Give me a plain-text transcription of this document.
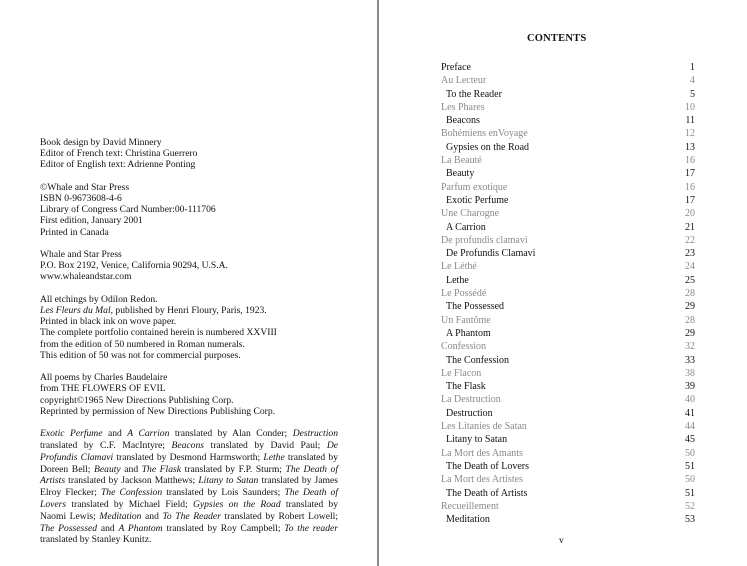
Book design by David Minnery
Editor of French text: Christina Guerrero
Editor of English text: Adrienne Ponting
©Whale and Star Press
ISBN 0-9673608-4-6
Library of Congress Card Number:00-111706
First edition, January 2001
Printed in Canada
Whale and Star Press
P.O. Box 2192, Venice, California 90294, U.S.A.
www.whaleandstar.com
All etchings by Odilon Redon.
Les Fleurs du Mal, published by Henri Floury, Paris, 1923.
Printed in black ink on wove paper.
The complete portfolio contained herein is numbered XXVIII
from the edition of 50 numbered in Roman numerals.
This edition of 50 was not for commercial purposes.
All poems by Charles Baudelaire
from THE FLOWERS OF EVIL
copyright©1965 New Directions Publishing Corp.
Reprinted by permission of New Directions Publishing Corp.
Exotic Perfume and A Carrion translated by Alan Conder; Destruction translated by C.F. MacIntyre; Beacons translated by David Paul; De Profundis Clamavi translated by Desmond Harmsworth; Lethe translated by Doreen Bell; Beauty and The Flask translated by F.P. Sturm; The Death of Artists translated by Jackson Matthews; Litany to Satan translated by James Elroy Flecker; The Confession translated by Lois Saunders; The Death of Lovers translated by Michael Field; Gypsies on the Road translated by Naomi Lewis; Meditation and To The Reader translated by Robert Lowell; The Possessed and A Phantom translated by Roy Campbell; To the reader translated by Stanley Kunitz.
CONTENTS
Preface	1
Au Lecteur	4
To the Reader	5
Les Phares	10
Beacons	11
Bohémiens enVoyage	12
Gypsies on the Road	13
La Beauté	16
Beauty	17
Parfum exotique	16
Exotic Perfume	17
Une Charogne	20
A Carrion	21
De profundis clamavi	22
De Profundis Clamavi	23
Le Léthé	24
Lethe	25
Le Possédé	28
The Possessed	29
Un Fantôme	28
A Phantom	29
Confession	32
The Confession	33
Le Flacon	38
The Flask	39
La Destruction	40
Destruction	41
Les Litanies de Satan	44
Litany to Satan	45
La Mort des Amants	50
The Death of Lovers	51
La Mort des Artistes	50
The Death of Artists	51
Recueillement	52
Meditation	53
v
